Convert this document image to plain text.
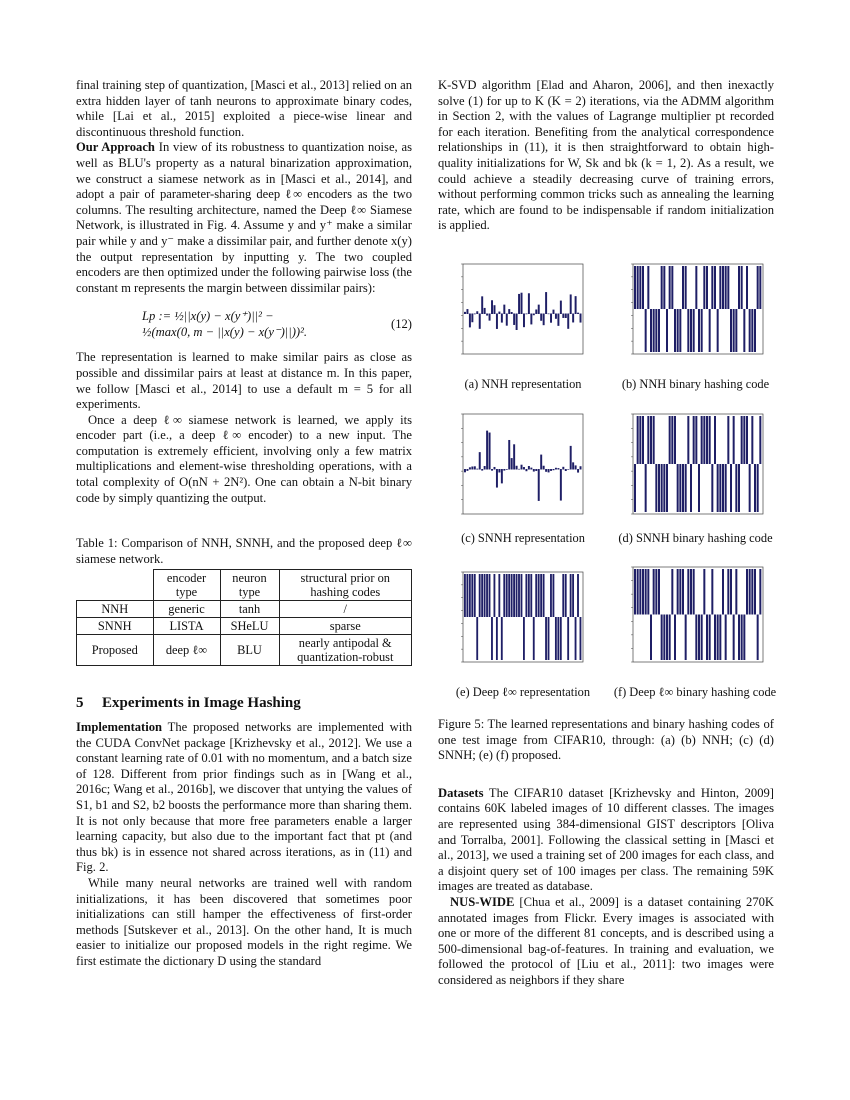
final training step of quantization, [Masci et al., 2013] relied on an extra hidden layer of tanh neurons to approximate binary codes, while [Lai et al., 2015] exploited a piece-wise linear and discontinuous threshold function.

Our Approach In view of its robustness to quantization noise, as well as BLU's property as a natural binarization approximation, we construct a siamese network as in [Masci et al., 2014], and adopt a pair of parameter-sharing deep ℓ∞ encoders as the two columns. The resulting architecture, named the Deep ℓ∞ Siamese Network, is illustrated in Fig. 4. Assume y and y⁺ make a similar pair while y and y⁻ make a dissimilar pair, and further denote x(y) the output representation by inputting y. The two coupled encoders are then optimized under the following pairwise loss (the constant m represents the margin between dissimilar pairs):

Lp := ½||x(y) − x(y⁺)||² −
½(max(0, m − ||x(y) − x(y⁻)||))².
(12)

The representation is learned to make similar pairs as close as possible and dissimilar pairs at least at distance m. In this paper, we follow [Masci et al., 2014] to use a default m = 5 for all experiments.

Once a deep ℓ∞ siamese network is learned, we apply its encoder part (i.e., a deep ℓ∞ encoder) to a new input. The computation is extremely efficient, involving only a few matrix multiplications and element-wise thresholding operations, with a total complexity of O(nN + 2N²). One can obtain a N-bit binary code by simply quantizing the output.

Table 1: Comparison of NNH, SNNH, and the proposed deep ℓ∞ siamese network.

	encoder type	neuron type	structural prior on hashing codes
NNH	generic	tanh	/
SNNH	LISTA	SHeLU	sparse
Proposed	deep ℓ∞	BLU	nearly antipodal & quantization-robust
5 Experiments in Image Hashing

Implementation The proposed networks are implemented with the CUDA ConvNet package [Krizhevsky et al., 2012]. We use a constant learning rate of 0.01 with no momentum, and a batch size of 128. Different from prior findings such as in [Wang et al., 2016c; Wang et al., 2016b], we discover that untying the values of S1, b1 and S2, b2 boosts the performance more than sharing them. It is not only because that more free parameters enable a larger learning capacity, but also due to the important fact that pt (and thus bk) is in essence not shared across iterations, as in (11) and Fig. 2.

While many neural networks are trained well with random initializations, it has been discovered that sometimes poor initializations can still hamper the effectiveness of first-order methods [Sutskever et al., 2013]. On the other hand, It is much easier to initialize our proposed models in the right regime. We first estimate the dictionary D using the standard

K-SVD algorithm [Elad and Aharon, 2006], and then inexactly solve (1) for up to K (K = 2) iterations, via the ADMM algorithm in Section 2, with the values of Lagrange multiplier pt recorded for each iteration. Benefiting from the analytical correspondence relationships in (11), it is then straightforward to obtain high-quality initializations for W, Sk and bk (k = 1, 2). As a result, we could achieve a steadily decreasing curve of training errors, without performing common tricks such as annealing the learning rate, which are found to be indispensable if random initialization is applied.

(a) NNH representation	(b) NNH binary hashing code
(c) SNNH representation	(d) SNNH binary hashing code
(e) Deep ℓ∞ representation	(f) Deep ℓ∞ binary hashing code

Figure 5: The learned representations and binary hashing codes of one test image from CIFAR10, through: (a) (b) NNH; (c) (d) SNNH; (e) (f) proposed.

Datasets The CIFAR10 dataset [Krizhevsky and Hinton, 2009] contains 60K labeled images of 10 different classes. The images are represented using 384-dimensional GIST descriptors [Oliva and Torralba, 2001]. Following the classical setting in [Masci et al., 2013], we used a training set of 200 images for each class, and a disjoint query set of 100 images per class. The remaining 59K images are treated as database.

NUS-WIDE [Chua et al., 2009] is a dataset containing 270K annotated images from Flickr. Every images is associated with one or more of the different 81 concepts, and is described using a 500-dimensional bag-of-features. In training and evaluation, we followed the protocol of [Liu et al., 2011]: two images were considered as neighbors if they share
